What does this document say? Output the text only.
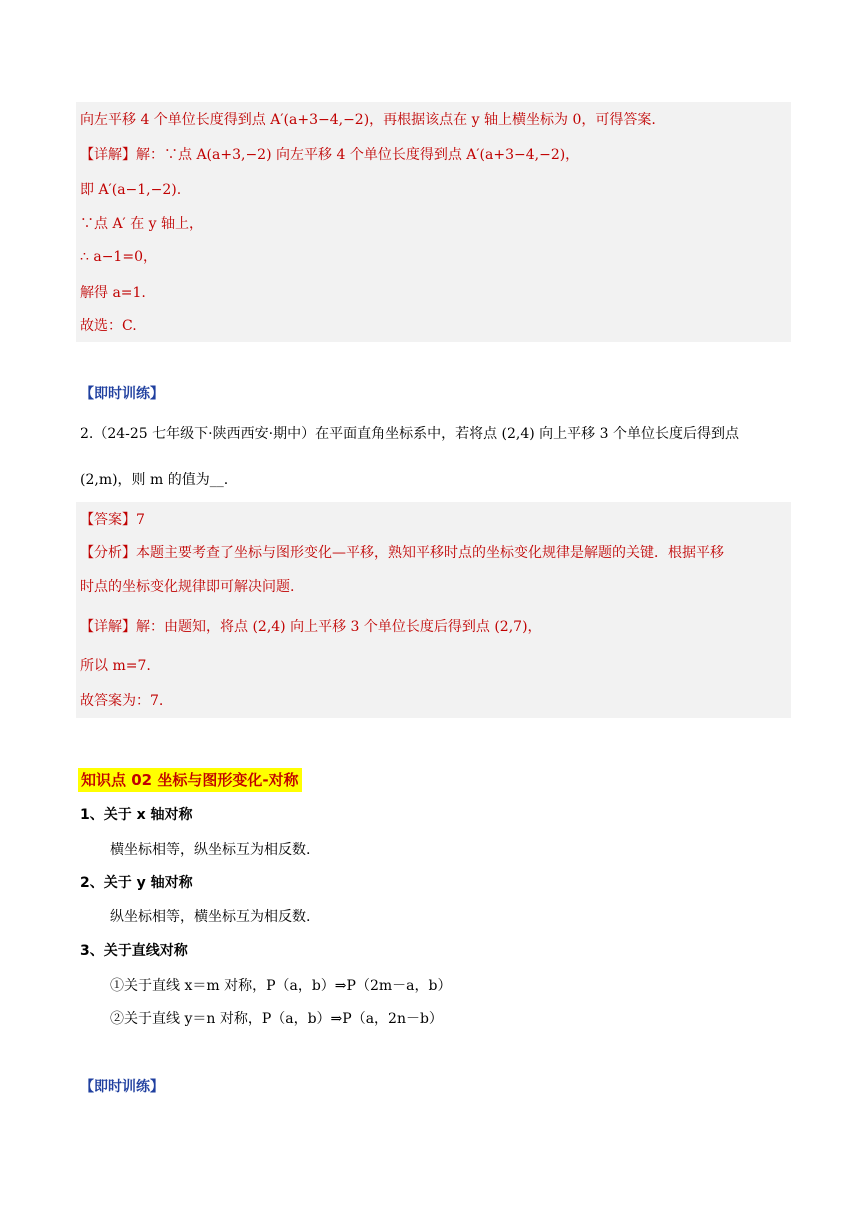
向左平移 4 个单位长度得到点 A′(a+3−4,−2)，再根据该点在 y 轴上横坐标为 0，可得答案.
【详解】解：∵点 A(a+3,−2) 向左平移 4 个单位长度得到点 A′(a+3−4,−2)，
即 A′(a−1,−2).
∵点 A′ 在 y 轴上，
∴ a−1=0，
解得 a=1.
故选：C.
【即时训练】
2.（24-25 七年级下·陕西西安·期中）在平面直角坐标系中，若将点 (2,4) 向上平移 3 个单位长度后得到点
(2,m)，则 m 的值为__.
【答案】7
【分析】本题主要考查了坐标与图形变化—平移，熟知平移时点的坐标变化规律是解题的关键．根据平移
时点的坐标变化规律即可解决问题.
【详解】解：由题知，将点 (2,4) 向上平移 3 个单位长度后得到点 (2,7)，
所以 m=7.
故答案为：7.
知识点 02 坐标与图形变化-对称
1、关于 x 轴对称
横坐标相等，纵坐标互为相反数.
2、关于 y 轴对称
纵坐标相等，横坐标互为相反数.
3、关于直线对称
①关于直线 x＝m 对称，P（a，b）⇒P（2m－a，b）
②关于直线 y＝n 对称，P（a，b）⇒P（a，2n－b）
【即时训练】
